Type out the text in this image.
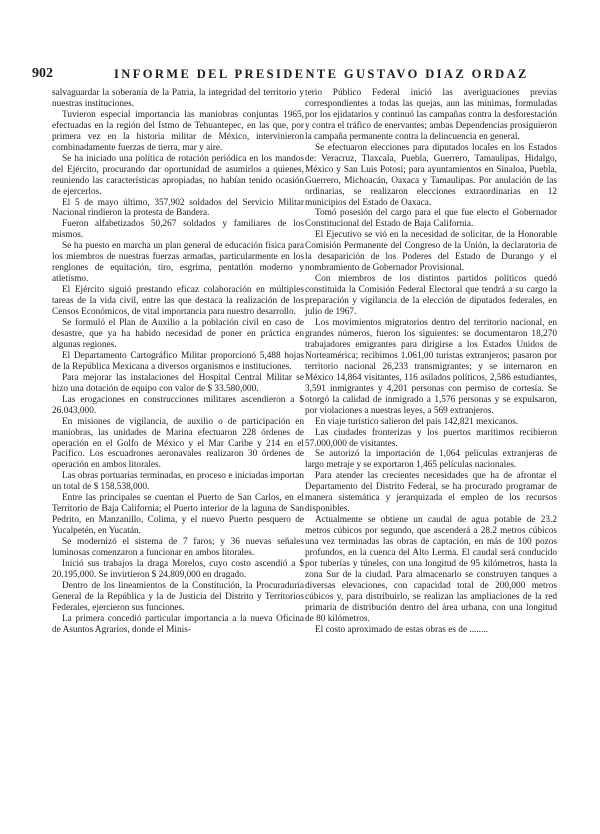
902	INFORME DEL PRESIDENTE GUSTAVO DIAZ ORDAZ

salvaguardar la soberanía de la Patria, la integridad del territorio y nuestras instituciones.

Tuvieron especial importancia las maniobras conjuntas 1965, efectuadas en la región del Istmo de Tehuantepec, en las que, por primera vez en la historia militar de México, intervinieron combinadamente fuerzas de tierra, mar y aire.

Se ha iniciado una política de rotación periódica en los mandos del Ejército, procurando dar oportunidad de asumirlos a quienes, reuniendo las características apropiadas, no habían tenido ocasión de ejercerlos.

El 5 de mayo último, 357,902 soldados del Servicio Militar Nacional rindieron la protesta de Bandera.

Fueron alfabetizados 50,267 soldados y familiares de los mismos.

Se ha puesto en marcha un plan general de educación física para los miembros de nuestras fuerzas armadas, particularmente en los renglones de equitación, tiro, esgrima, pentatlón moderno y atletismo.

El Ejército siguió prestando eficaz colaboración en múltiples tareas de la vida civil, entre las que destaca la realización de los Censos Económicos, de vital importancia para nuestro desarrollo.

Se formuló el Plan de Auxilio a la población civil en caso de desastre, que ya ha habido necesidad de poner en práctica en algunas regiones.

El Departamento Cartográfico Militar proporcionó 5,488 hojas de la República Mexicana a diversos organismos e instituciones.

Para mejorar las instalaciones del Hospital Central Militar se hizo una dotación de equipo con valor de $ 33.580,000.

Las erogaciones en construcciones militares ascendieron a $ 26.043,000.

En misiones de vigilancia, de auxilio o de participación en maniobras, las unidades de Marina efectuaron 228 órdenes de operación en el Golfo de México y el Mar Caribe y 214 en el Pacífico. Los escuadrones aeronavales realizaron 30 órdenes de operación en ambos litorales.

Las obras portuarias terminadas, en proceso e iniciadas importan un total de $ 158.538,000.

Entre las principales se cuentan el Puerto de San Carlos, en el Territorio de Baja California; el Puerto interior de la laguna de San Pedrito, en Manzanillo, Colima, y el nuevo Puerto pesquero de Yucalpetén, en Yucatán.

Se modernizó el sistema de 7 faros; y 36 nuevas señales luminosas comenzaron a funcionar en ambos litorales.

Inició sus trabajos la draga Morelos, cuyo costo ascendió a $ 20.195,000. Se invirtieron $ 24.809,000 en dragado.

Dentro de los lineamientos de la Constitución, la Procuraduría General de la República y la de Justicia del Distrito y Territorios Federales, ejercieron sus funciones.

La primera concedió particular importancia a la nueva Oficina de Asuntos Agrarios, donde el Minis-

terio Público Federal inició las averiguaciones previas correspondientes a todas las quejas, aun las mínimas, formuladas por los ejidatarios y continuó las campañas contra la desforestación y contra el tráfico de enervantes; ambas Dependencias prosiguieron la campaña permanente contra la delincuencia en general.

Se efectuaron elecciones para diputados locales en los Estados de: Veracruz, Tlaxcala, Puebla, Guerrero, Tamaulipas, Hidalgo, México y San Luis Potosí; para ayuntamientos en Sinaloa, Puebla, Guerrero, Michoacán, Oaxaca y Tamaulipas. Por anulación de las ordinarias, se realizaron elecciones extraordinarias en 12 municipios del Estado de Oaxaca.

Tomó posesión del cargo para el que fue electo el Gobernador Constitucional del Estado de Baja California.

El Ejecutivo se vió en la necesidad de solicitar, de la Honorable Comisión Permanente del Congreso de la Unión, la declaratoria de la desaparición de los Poderes del Estado de Durango y el nombramiento de Gobernador Provisional.

Con miembros de los distintos partidos políticos quedó constituida la Comisión Federal Electoral que tendrá a su cargo la preparación y vigilancia de la elección de diputados federales, en julio de 1967.

Los movimientos migratorios dentro del territorio nacional, en grandes números, fueron los siguientes: se documentaron 18,270 trabajadores emigrantes para dirigirse a los Estados Unidos de Norteamérica; recibimos 1.061,00 turistas extranjeros; pasaron por territorio nacional 26,233 transmigrantes; y se internaron en México 14,864 visitantes, 116 asilados políticos, 2,586 estudiantes, 3,591 inmigrantes y 4,201 personas con permiso de cortesía. Se otorgó la calidad de inmigrado a 1,576 personas y se expulsaron, por violaciones a nuestras leyes, a 569 extranjeros.

En viaje turístico salieron del país 142,821 mexicanos.

Las ciudades fronterizas y los puertos marítimos recibieron 57.000,000 de visitantes.

Se autorizó la importación de 1,064 películas extranjeras de largo metraje y se exportaron 1,465 películas nacionales.

Para atender las crecientes necesidades que ha de afrontar el Departamento del Distrito Federal, se ha procurado programar de manera sistemática y jerarquizada el empleo de los recursos disponibles.

Actualmente se obtiene un caudal de agua potable de 23.2 metros cúbicos por segundo, que ascenderá a 28.2 metros cúbicos una vez terminadas las obras de captación, en más de 100 pozos profundos, en la cuenca del Alto Lerma. El caudal será conducido por tuberías y túneles, con una longitud de 95 kilómetros, hasta la zona Sur de la ciudad. Para almacenarlo se construyen tanques a diversas elevaciones, con capacidad total de 200,000 metros cúbicos y, para distribuirlo, se realizan las ampliaciones de la red primaria de distribución dentro del área urbana, con una longitud de 80 kilómetros.

El costo aproximado de estas obras es de ........
